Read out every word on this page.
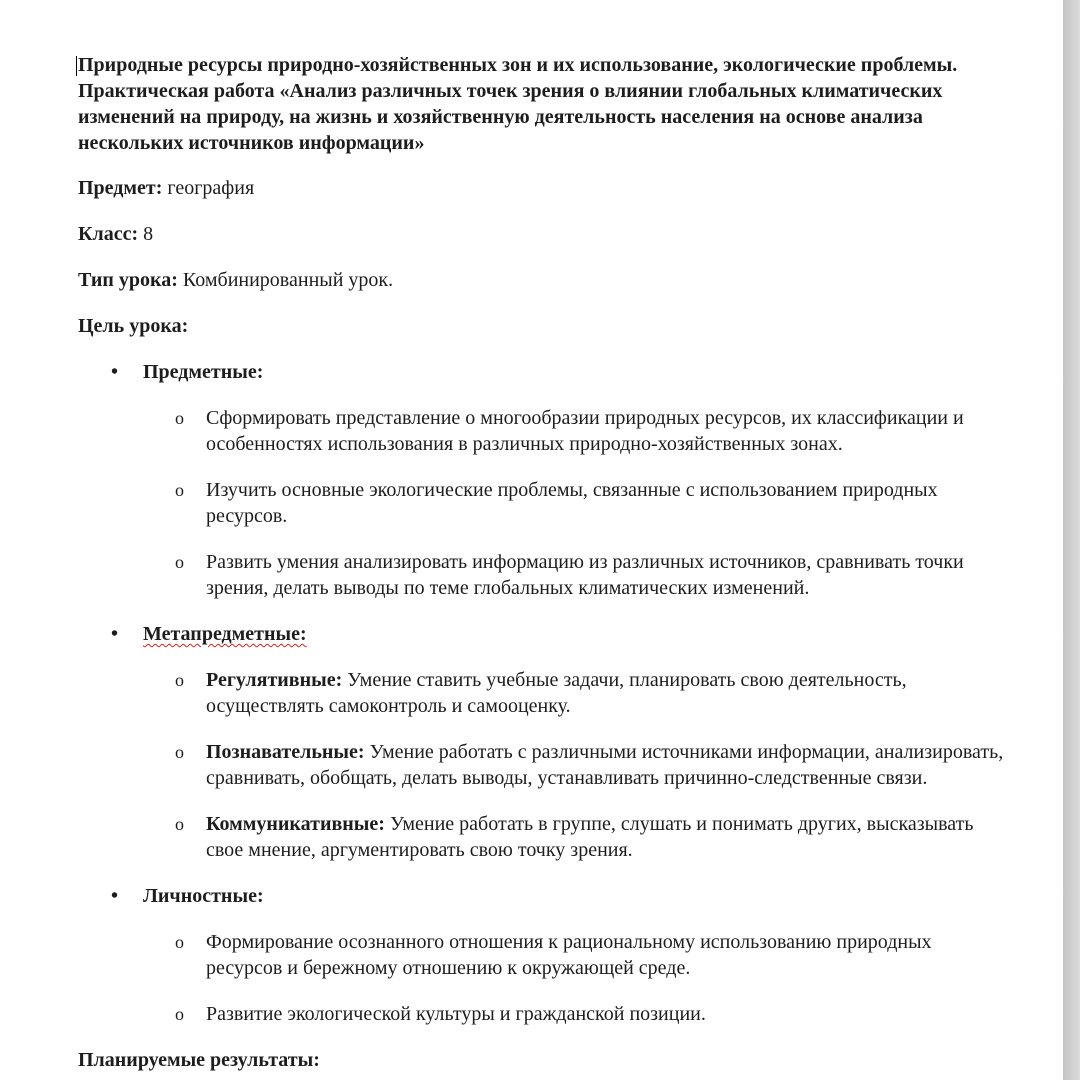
Природные ресурсы природно-хозяйственных зон и их использование, экологические проблемы. Практическая работа «Анализ различных точек зрения о влиянии глобальных климатических изменений на природу, на жизнь и хозяйственную деятельность населения на основе анализа нескольких источников информации»

Предмет: география

Класс: 8

Тип урока: Комбинированный урок.

Цель урока:

• Предметные:
o Сформировать представление о многообразии природных ресурсов, их классификации и особенностях использования в различных природно-хозяйственных зонах.
o Изучить основные экологические проблемы, связанные с использованием природных ресурсов.
o Развить умения анализировать информацию из различных источников, сравнивать точки зрения, делать выводы по теме глобальных климатических изменений.
• Метапредметные:
o Регулятивные: Умение ставить учебные задачи, планировать свою деятельность, осуществлять самоконтроль и самооценку.
o Познавательные: Умение работать с различными источниками информации, анализировать, сравнивать, обобщать, делать выводы, устанавливать причинно-следственные связи.
o Коммуникативные: Умение работать в группе, слушать и понимать других, высказывать свое мнение, аргументировать свою точку зрения.
• Личностные:
o Формирование осознанного отношения к рациональному использованию природных ресурсов и бережному отношению к окружающей среде.
o Развитие экологической культуры и гражданской позиции.

Планируемые результаты:
